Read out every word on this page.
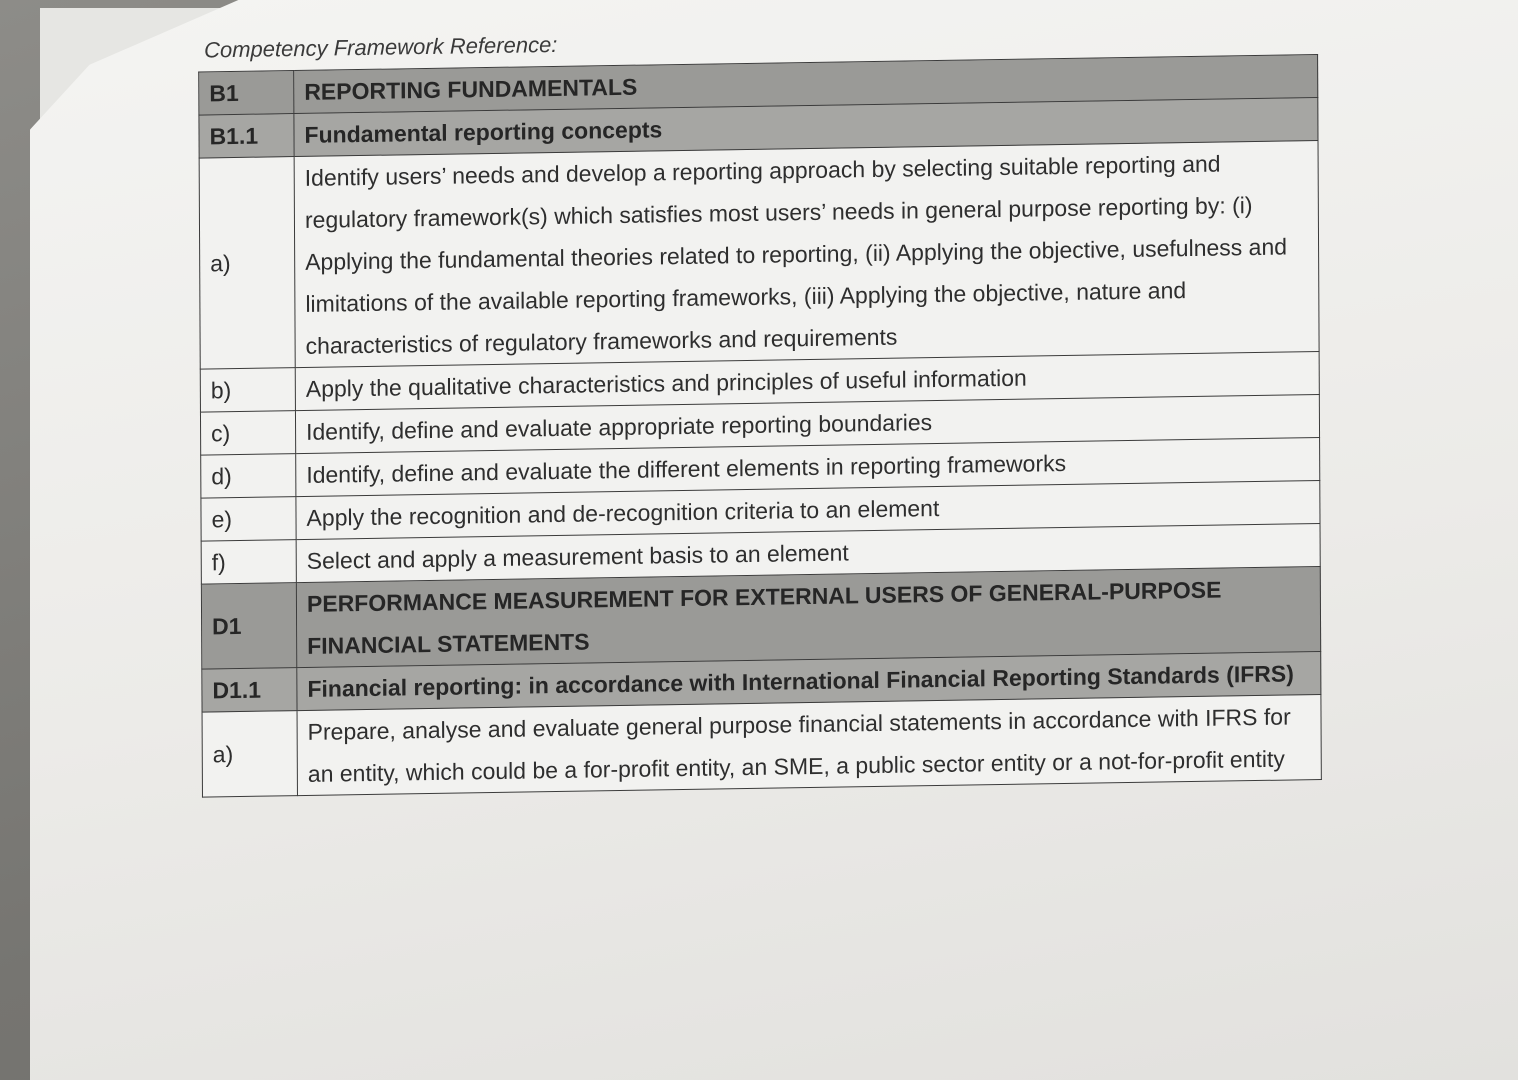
Competency Framework Reference:
B1	REPORTING FUNDAMENTALS
B1.1	Fundamental reporting concepts
a)	Identify users’ needs and develop a reporting approach by selecting suitable reporting and regulatory framework(s) which satisfies most users’ needs in general purpose reporting by: (i) Applying the fundamental theories related to reporting, (ii) Applying the objective, usefulness and limitations of the available reporting frameworks, (iii) Applying the objective, nature and characteristics of regulatory frameworks and requirements
b)	Apply the qualitative characteristics and principles of useful information
c)	Identify, define and evaluate appropriate reporting boundaries
d)	Identify, define and evaluate the different elements in reporting frameworks
e)	Apply the recognition and de-recognition criteria to an element
f)	Select and apply a measurement basis to an element
D1	PERFORMANCE MEASUREMENT FOR EXTERNAL USERS OF GENERAL-PURPOSE FINANCIAL STATEMENTS
D1.1	Financial reporting: in accordance with International Financial Reporting Standards (IFRS)
a)	Prepare, analyse and evaluate general purpose financial statements in accordance with IFRS for an entity, which could be a for-profit entity, an SME, a public sector entity or a not-for-profit entity
